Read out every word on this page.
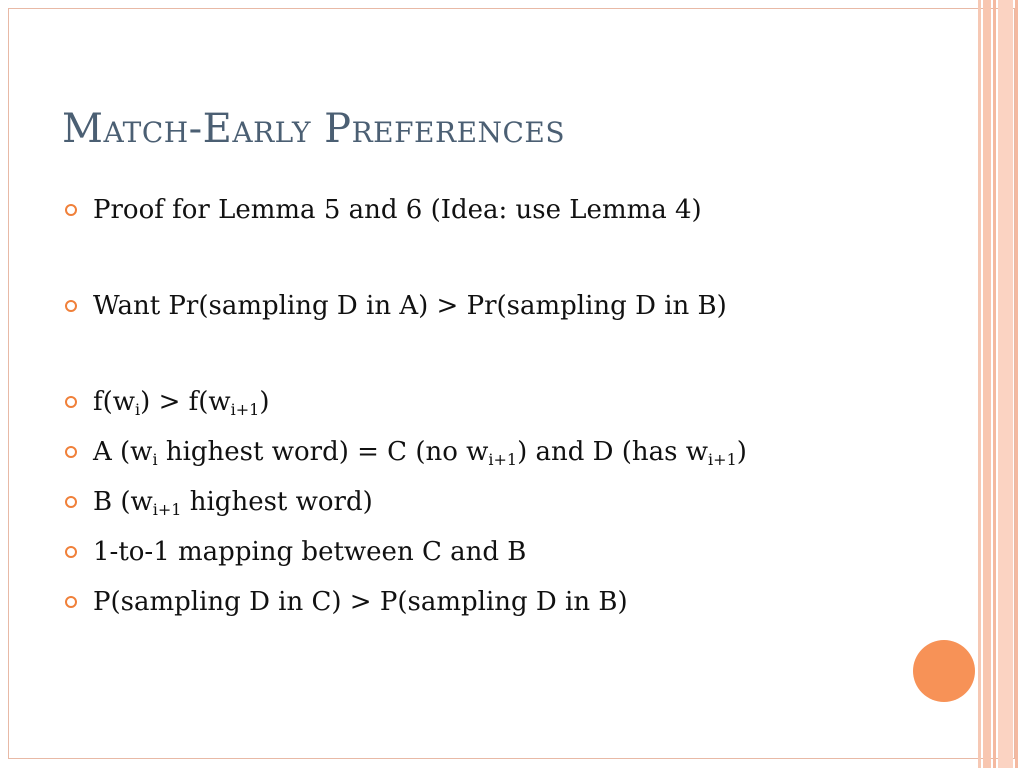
Match-Early Preferences
Proof for Lemma 5 and 6 (Idea: use Lemma 4)
Want Pr(sampling D in A) > Pr(sampling D in B)
$f(w_i) > f(w_{i+1})$
A ($w_i$ highest word) = C (no $w_{i+1}$) and D (has $w_{i+1}$)
B ($w_{i+1}$ highest word)
1-to-1 mapping between C and B
P(sampling D in C) > P(sampling D in B)
